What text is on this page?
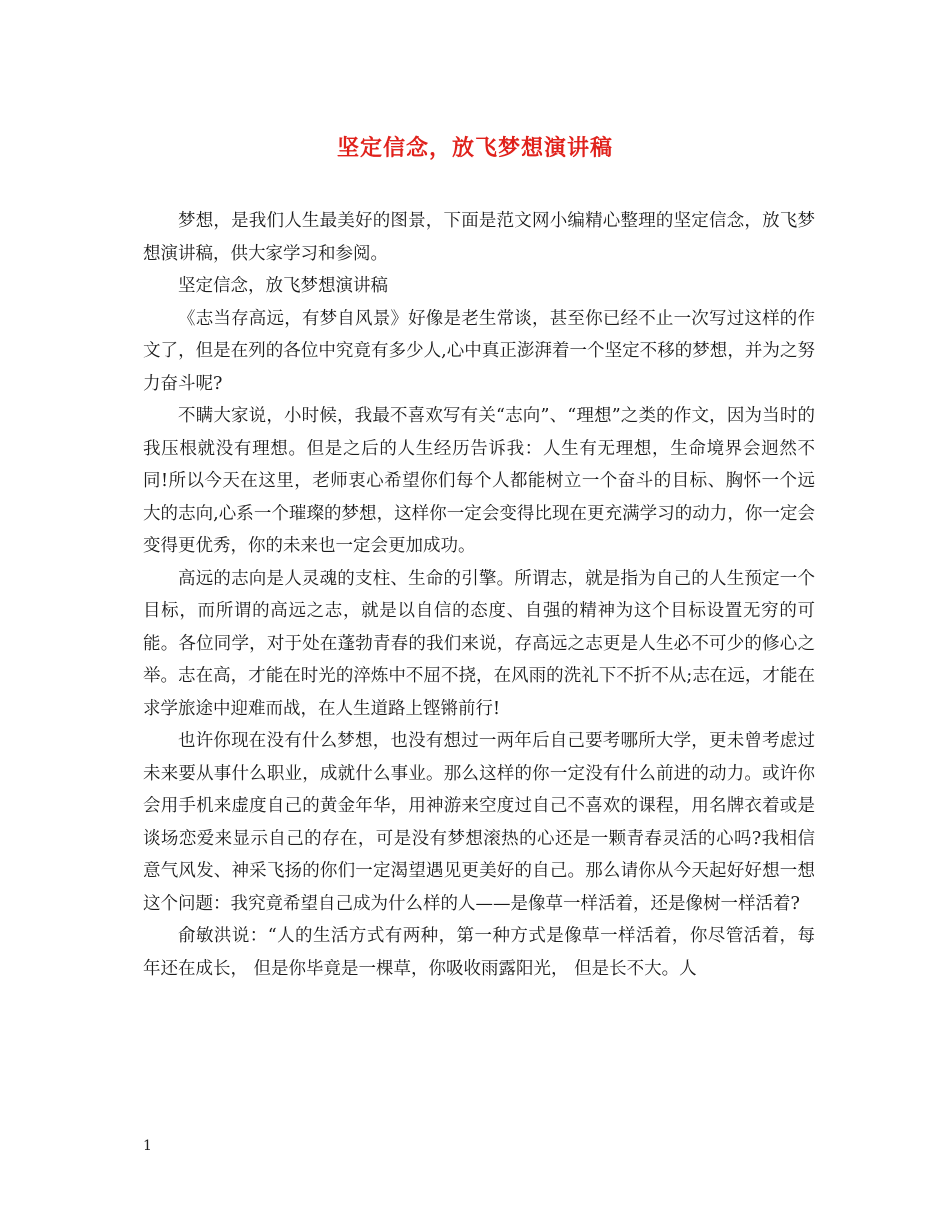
坚定信念，放飞梦想演讲稿

梦想，是我们人生最美好的图景，下面是范文网小编精心整理的坚定信念，放飞梦想演讲稿，供大家学习和参阅。

坚定信念，放飞梦想演讲稿

《志当存高远，有梦自风景》好像是老生常谈，甚至你已经不止一次写过这样的作文了，但是在列的各位中究竟有多少人,心中真正澎湃着一个坚定不移的梦想，并为之努力奋斗呢?

不瞒大家说，小时候，我最不喜欢写有关“志向”、“理想”之类的作文，因为当时的我压根就没有理想。但是之后的人生经历告诉我：人生有无理想，生命境界会迥然不同!所以今天在这里，老师衷心希望你们每个人都能树立一个奋斗的目标、胸怀一个远大的志向,心系一个璀璨的梦想，这样你一定会变得比现在更充满学习的动力，你一定会变得更优秀，你的未来也一定会更加成功。

高远的志向是人灵魂的支柱、生命的引擎。所谓志，就是指为自己的人生预定一个目标，而所谓的高远之志，就是以自信的态度、自强的精神为这个目标设置无穷的可能。各位同学，对于处在蓬勃青春的我们来说，存高远之志更是人生必不可少的修心之举。志在高，才能在时光的淬炼中不屈不挠，在风雨的洗礼下不折不从;志在远，才能在求学旅途中迎难而战，在人生道路上铿锵前行!

也许你现在没有什么梦想，也没有想过一两年后自己要考哪所大学，更未曾考虑过未来要从事什么职业，成就什么事业。那么这样的你一定没有什么前进的动力。或许你会用手机来虚度自己的黄金年华，用神游来空度过自己不喜欢的课程，用名牌衣着或是谈场恋爱来显示自己的存在，可是没有梦想滚热的心还是一颗青春灵活的心吗?我相信意气风发、神采飞扬的你们一定渴望遇见更美好的自己。那么请你从今天起好好想一想这个问题：我究竟希望自己成为什么样的人——是像草一样活着，还是像树一样活着?

俞敏洪说：“人的生活方式有两种，第一种方式是像草一样活着，你尽管活着，每年还在成长， 但是你毕竟是一棵草，你吸收雨露阳光， 但是长不大。人

1
